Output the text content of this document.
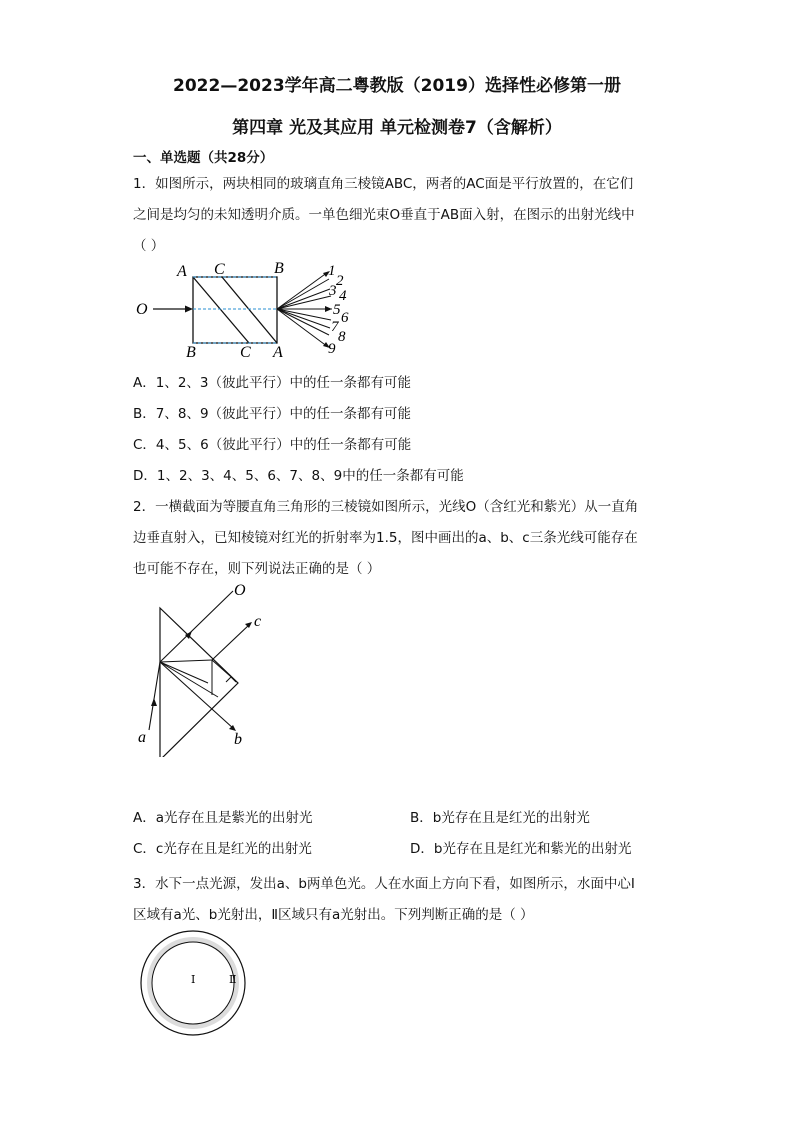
2022—2023学年高二粤教版（2019）选择性必修第一册
第四章 光及其应用 单元检测卷7（含解析）
一、单选题（共28分）
1．如图所示，两块相同的玻璃直角三棱镜ABC，两者的AC面是平行放置的，在它们
之间是均匀的未知透明介质。一单色细光束O垂直于AB面入射，在图示的出射光线中
（ ）
A C	B
O
B	C A
1
2
3 4
5 6
7
8
9
A．1、2、3（彼此平行）中的任一条都有可能
B．7、8、9（彼此平行）中的任一条都有可能
C．4、5、6（彼此平行）中的任一条都有可能
D．1、2、3、4、5、6、7、8、9中的任一条都有可能
2．一横截面为等腰直角三角形的三棱镜如图所示，光线O（含红光和紫光）从一直角
边垂直射入，已知棱镜对红光的折射率为1.5，图中画出的a、b、c三条光线可能存在
也可能不存在，则下列说法正确的是（ ）
O
c
a	b
A．a光存在且是紫光的出射光	B．b光存在且是红光的出射光
C．c光存在且是红光的出射光	D．b光存在且是红光和紫光的出射光
3．水下一点光源，发出a、b两单色光。人在水面上方向下看，如图所示，水面中心Ⅰ
区域有a光、b光射出，Ⅱ区域只有a光射出。下列判断正确的是（ ）
Ⅰ	Ⅱ
